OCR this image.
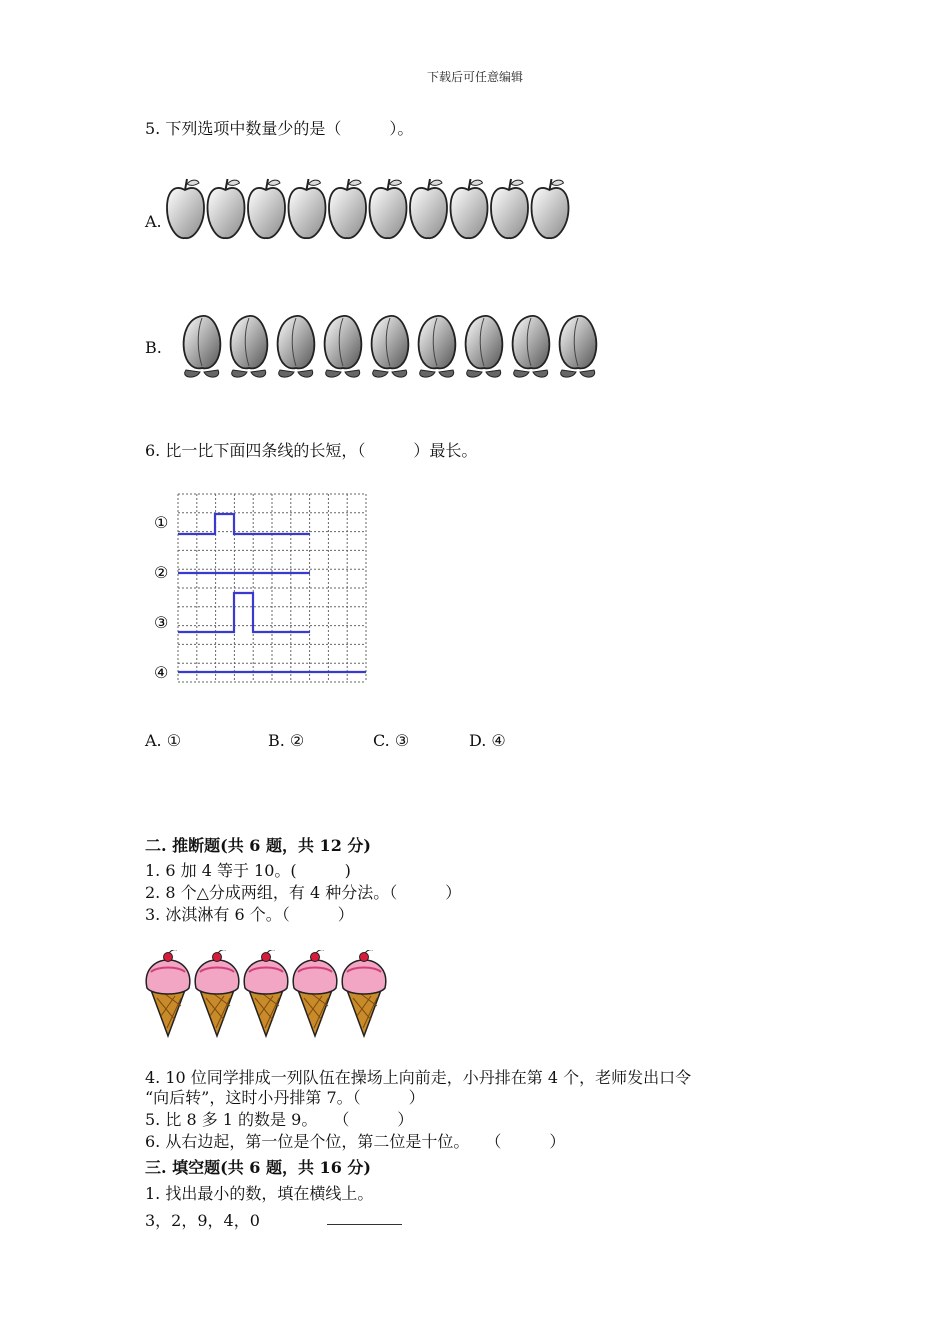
下载后可任意编辑
5. 下列选项中数量少的是（　　　）。
A.
B.
6. 比一比下面四条线的长短，（　　　）最长。
①
②
③
④
A. ①	B. ②	C. ③	D. ④
二. 推断题(共 6 题，共 12 分)
1. 6 加 4 等于 10。(　　　)
2. 8 个△分成两组，有 4 种分法。（　　　）
3. 冰淇淋有 6 个。（　　　）
4. 10 位同学排成一列队伍在操场上向前走，小丹排在第 4 个，老师发出口令
“向后转”，这时小丹排第 7。（　　　）
5. 比 8 多 1 的数是 9。　　（　　　）
6. 从右边起，第一位是个位，第二位是十位。　　（　　　）
三. 填空题(共 6 题，共 16 分)
1. 找出最小的数，填在横线上。
3，2，9，4，0
